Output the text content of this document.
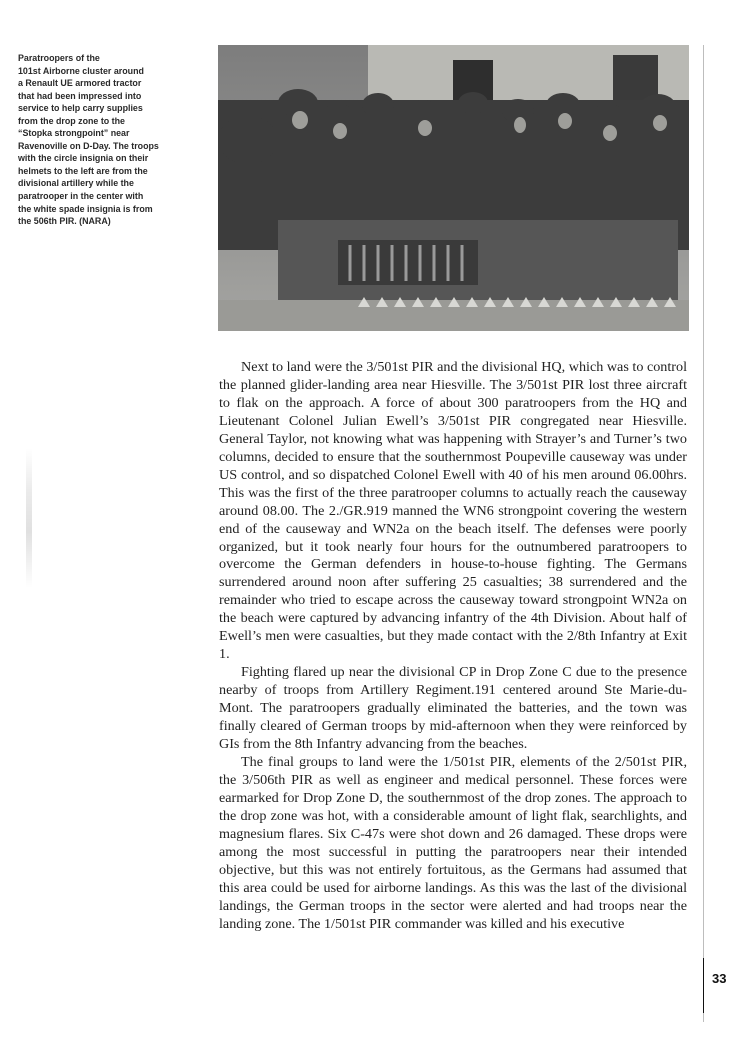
Paratroopers of the
101st Airborne cluster around
a Renault UE armored tractor
that had been impressed into
service to help carry supplies
from the drop zone to the
“Stopka strongpoint” near
Ravenoville on D-Day. The troops
with the circle insignia on their
helmets to the left are from the
divisional artillery while the
paratrooper in the center with
the white spade insignia is from
the 506th PIR. (NARA)

Next to land were the 3/501st PIR and the divisional HQ, which was to control the planned glider-landing area near Hiesville. The 3/501st PIR lost three aircraft to flak on the approach. A force of about 300 paratroopers from the HQ and Lieutenant Colonel Julian Ewell’s 3/501st PIR congregated near Hiesville. General Taylor, not knowing what was happening with Strayer’s and Turner’s two columns, decided to ensure that the southernmost Poupeville causeway was under US control, and so dispatched Colonel Ewell with 40 of his men around 06.00hrs. This was the first of the three paratrooper columns to actually reach the causeway around 08.00. The 2./GR.919 manned the WN6 strongpoint covering the western end of the causeway and WN2a on the beach itself. The defenses were poorly organized, but it took nearly four hours for the outnumbered paratroopers to overcome the German defenders in house-to-house fighting. The Germans surrendered around noon after suffering 25 casualties; 38 surrendered and the remainder who tried to escape across the causeway toward strongpoint WN2a on the beach were captured by advancing infantry of the 4th Division. About half of Ewell’s men were casualties, but they made contact with the 2/8th Infantry at Exit 1.

Fighting flared up near the divisional CP in Drop Zone C due to the presence nearby of troops from Artillery Regiment.191 centered around Ste Marie-du-Mont. The paratroopers gradually eliminated the batteries, and the town was finally cleared of German troops by mid-afternoon when they were reinforced by GIs from the 8th Infantry advancing from the beaches.

The final groups to land were the 1/501st PIR, elements of the 2/501st PIR, the 3/506th PIR as well as engineer and medical personnel. These forces were earmarked for Drop Zone D, the southernmost of the drop zones. The approach to the drop zone was hot, with a considerable amount of light flak, searchlights, and magnesium flares. Six C-47s were shot down and 26 damaged. These drops were among the most successful in putting the paratroopers near their intended objective, but this was not entirely fortuitous, as the Germans had assumed that this area could be used for airborne landings. As this was the last of the divisional landings, the German troops in the sector were alerted and had troops near the landing zone. The 1/501st PIR commander was killed and his executive

33
